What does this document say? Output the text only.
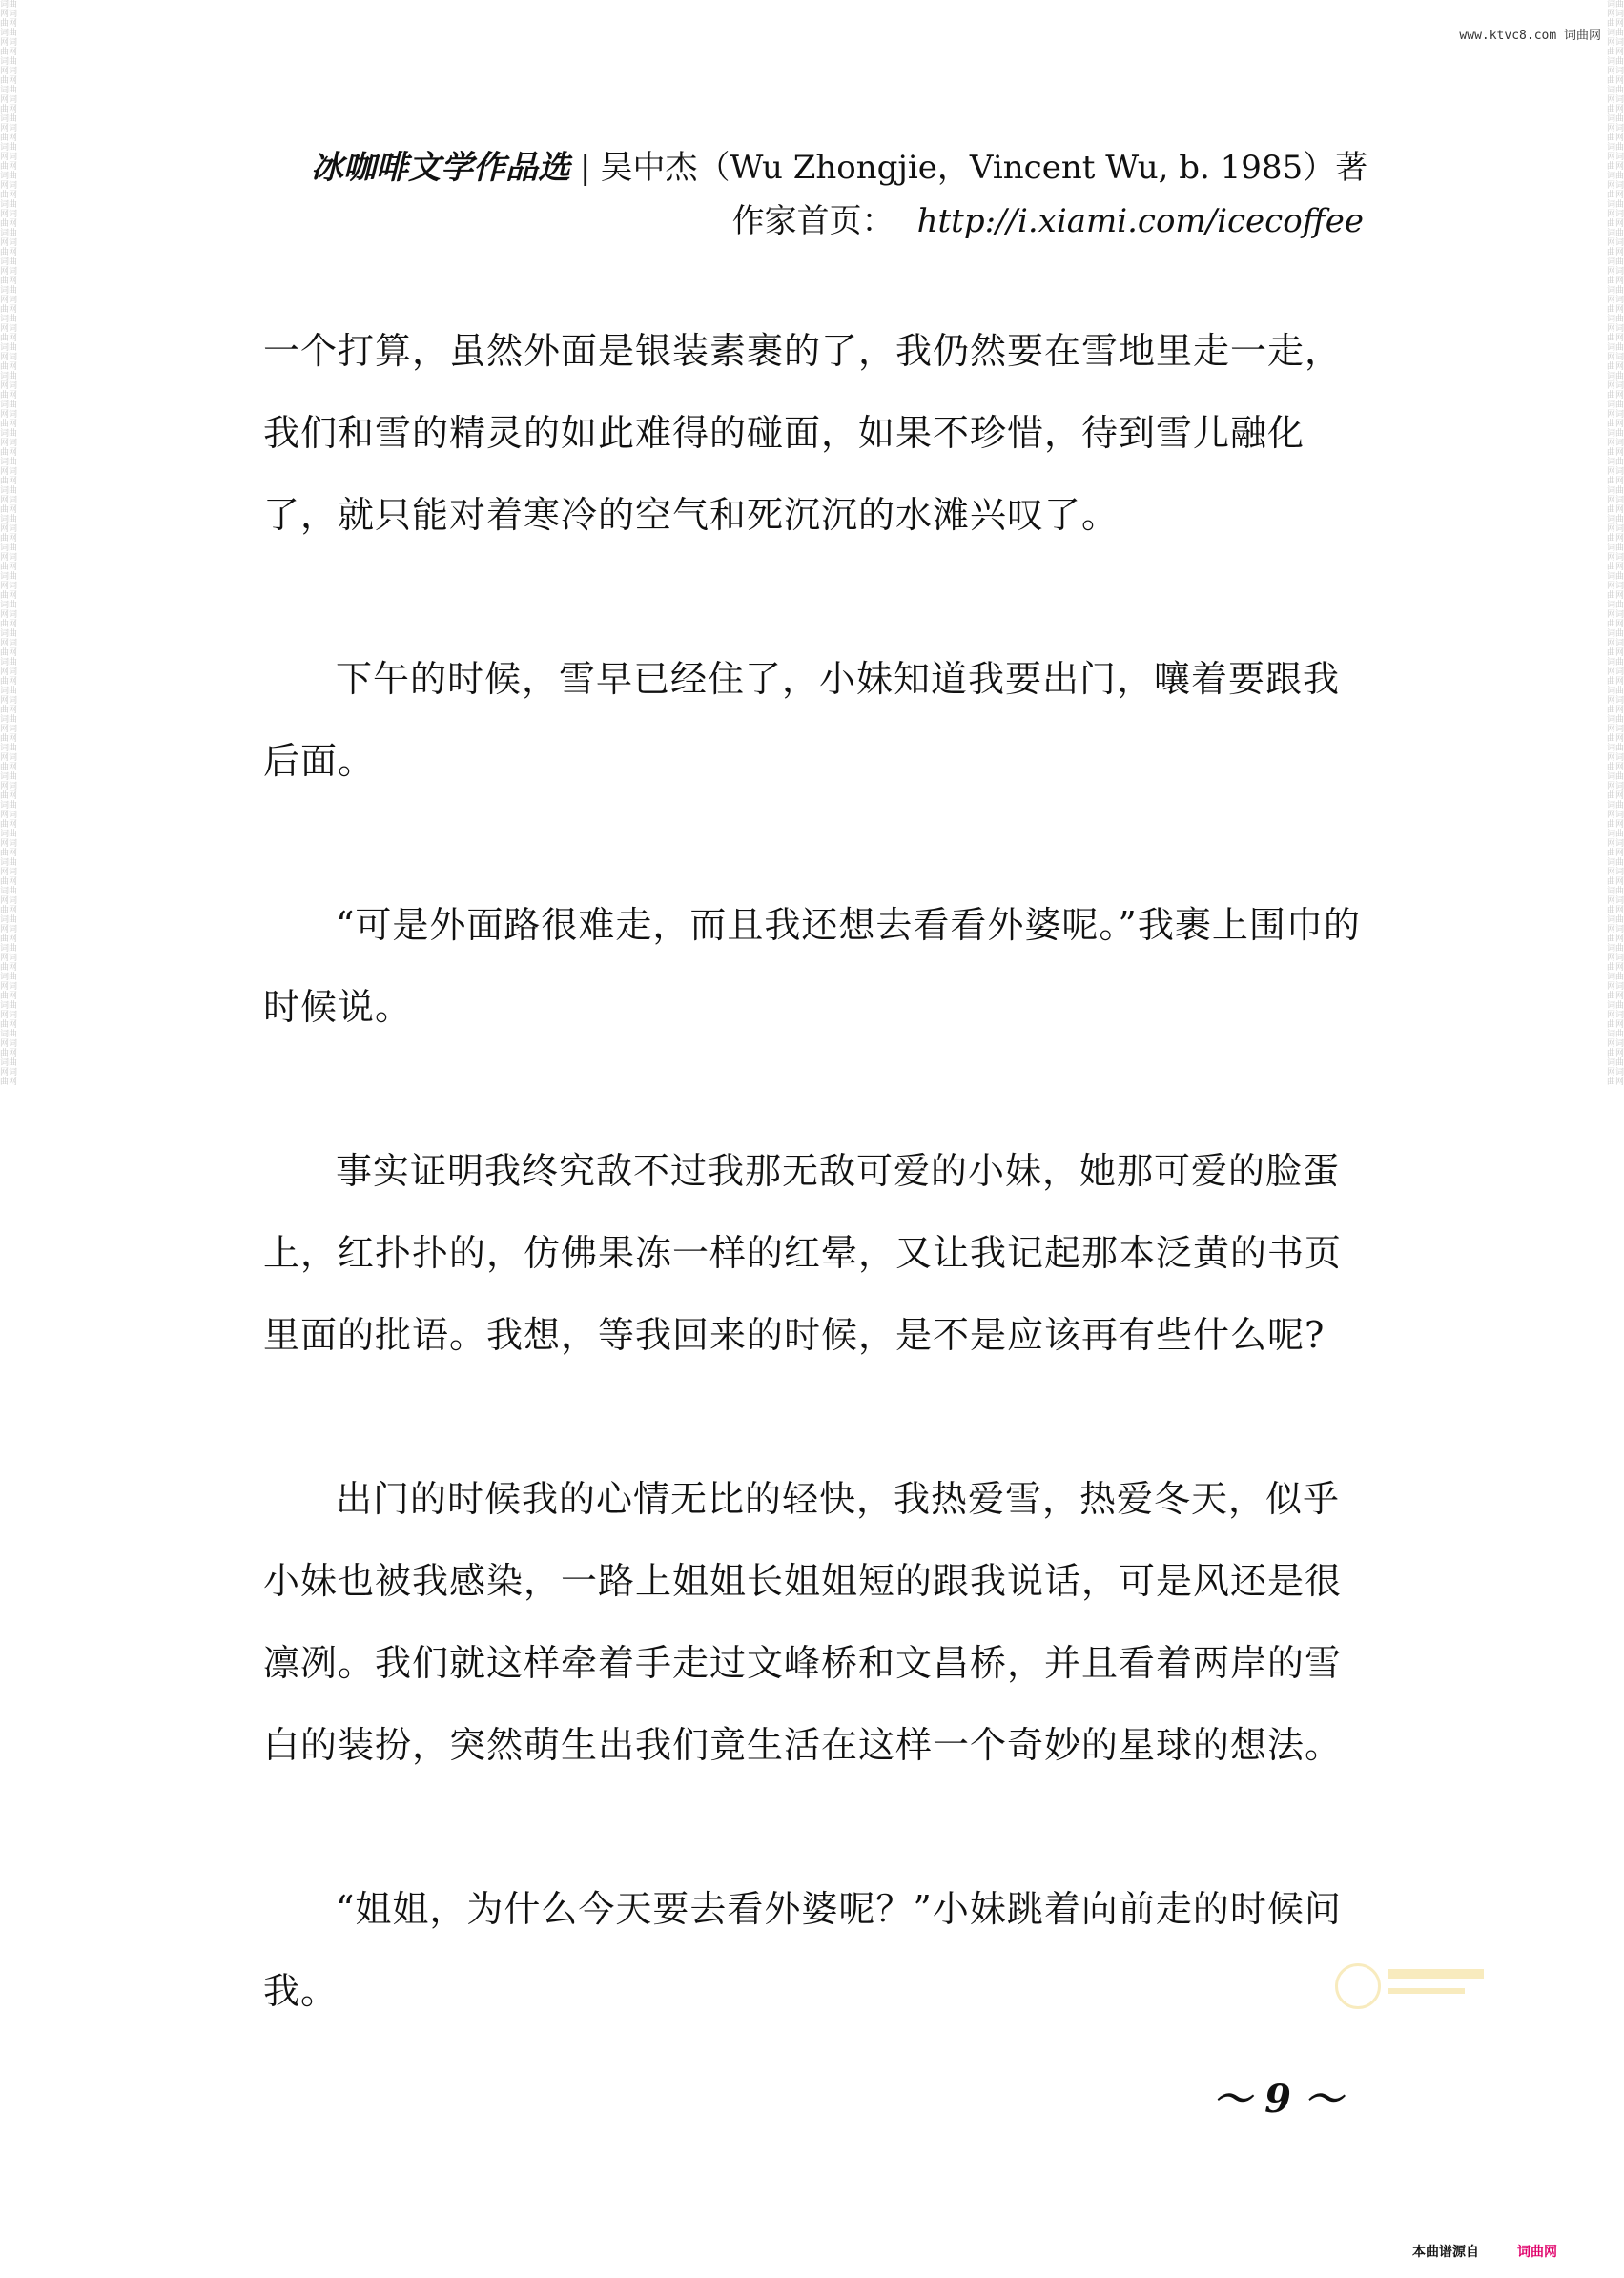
词曲网词曲网词曲网词曲网词曲网词曲网词曲网词曲网词曲网词曲网词曲网词曲网词曲网词曲网词曲网词曲网词曲网词曲网词曲网词曲网词曲网词曲网词曲网词曲网词曲网词曲网词曲网词曲网词曲网词曲网词曲网词曲网词曲网词曲网词曲网词曲网词曲网词曲网词曲网词曲网词曲网词曲网词曲网词曲网词曲网词曲网词曲网词曲网词曲网词曲网词曲网词曲网词曲网词曲网词曲网词曲网词曲网词曲网词曲网词曲网词曲网词曲网词曲网词曲网词曲网词曲网词曲网词曲网词曲网词曲网词曲网词曲网词曲网词曲网词曲网词曲网
词曲网词曲网词曲网词曲网词曲网词曲网词曲网词曲网词曲网词曲网词曲网词曲网词曲网词曲网词曲网词曲网词曲网词曲网词曲网词曲网词曲网词曲网词曲网词曲网词曲网词曲网词曲网词曲网词曲网词曲网词曲网词曲网词曲网词曲网词曲网词曲网词曲网词曲网词曲网词曲网词曲网词曲网词曲网词曲网词曲网词曲网词曲网词曲网词曲网词曲网词曲网词曲网词曲网词曲网词曲网词曲网词曲网词曲网词曲网词曲网词曲网词曲网词曲网词曲网词曲网词曲网词曲网词曲网词曲网词曲网词曲网词曲网词曲网词曲网词曲网词曲网
www.ktvc8.com 词曲网
冰咖啡文学作品选 | 吴中杰（Wu Zhongjie，Vincent Wu, b. 1985）著
作家首页： http://i.xiami.com/icecoffee

一个打算，虽然外面是银装素裹的了，我仍然要在雪地里走一走，我们和雪的精灵的如此难得的碰面，如果不珍惜，待到雪儿融化了，就只能对着寒冷的空气和死沉沉的水滩兴叹了。

下午的时候，雪早已经住了，小妹知道我要出门，嚷着要跟我后面。

“可是外面路很难走，而且我还想去看看外婆呢。”我裹上围巾的时候说。

事实证明我终究敌不过我那无敌可爱的小妹，她那可爱的脸蛋上，红扑扑的，仿佛果冻一样的红晕，又让我记起那本泛黄的书页里面的批语。我想，等我回来的时候，是不是应该再有些什么呢?

出门的时候我的心情无比的轻快，我热爱雪，热爱冬天，似乎小妹也被我感染，一路上姐姐长姐姐短的跟我说话，可是风还是很凛冽。我们就这样牵着手走过文峰桥和文昌桥，并且看着两岸的雪白的装扮，突然萌生出我们竟生活在这样一个奇妙的星球的想法。

“姐姐，为什么今天要去看外婆呢？”小妹跳着向前走的时候问我。

～ 9 ～
本曲谱源自	词曲网
